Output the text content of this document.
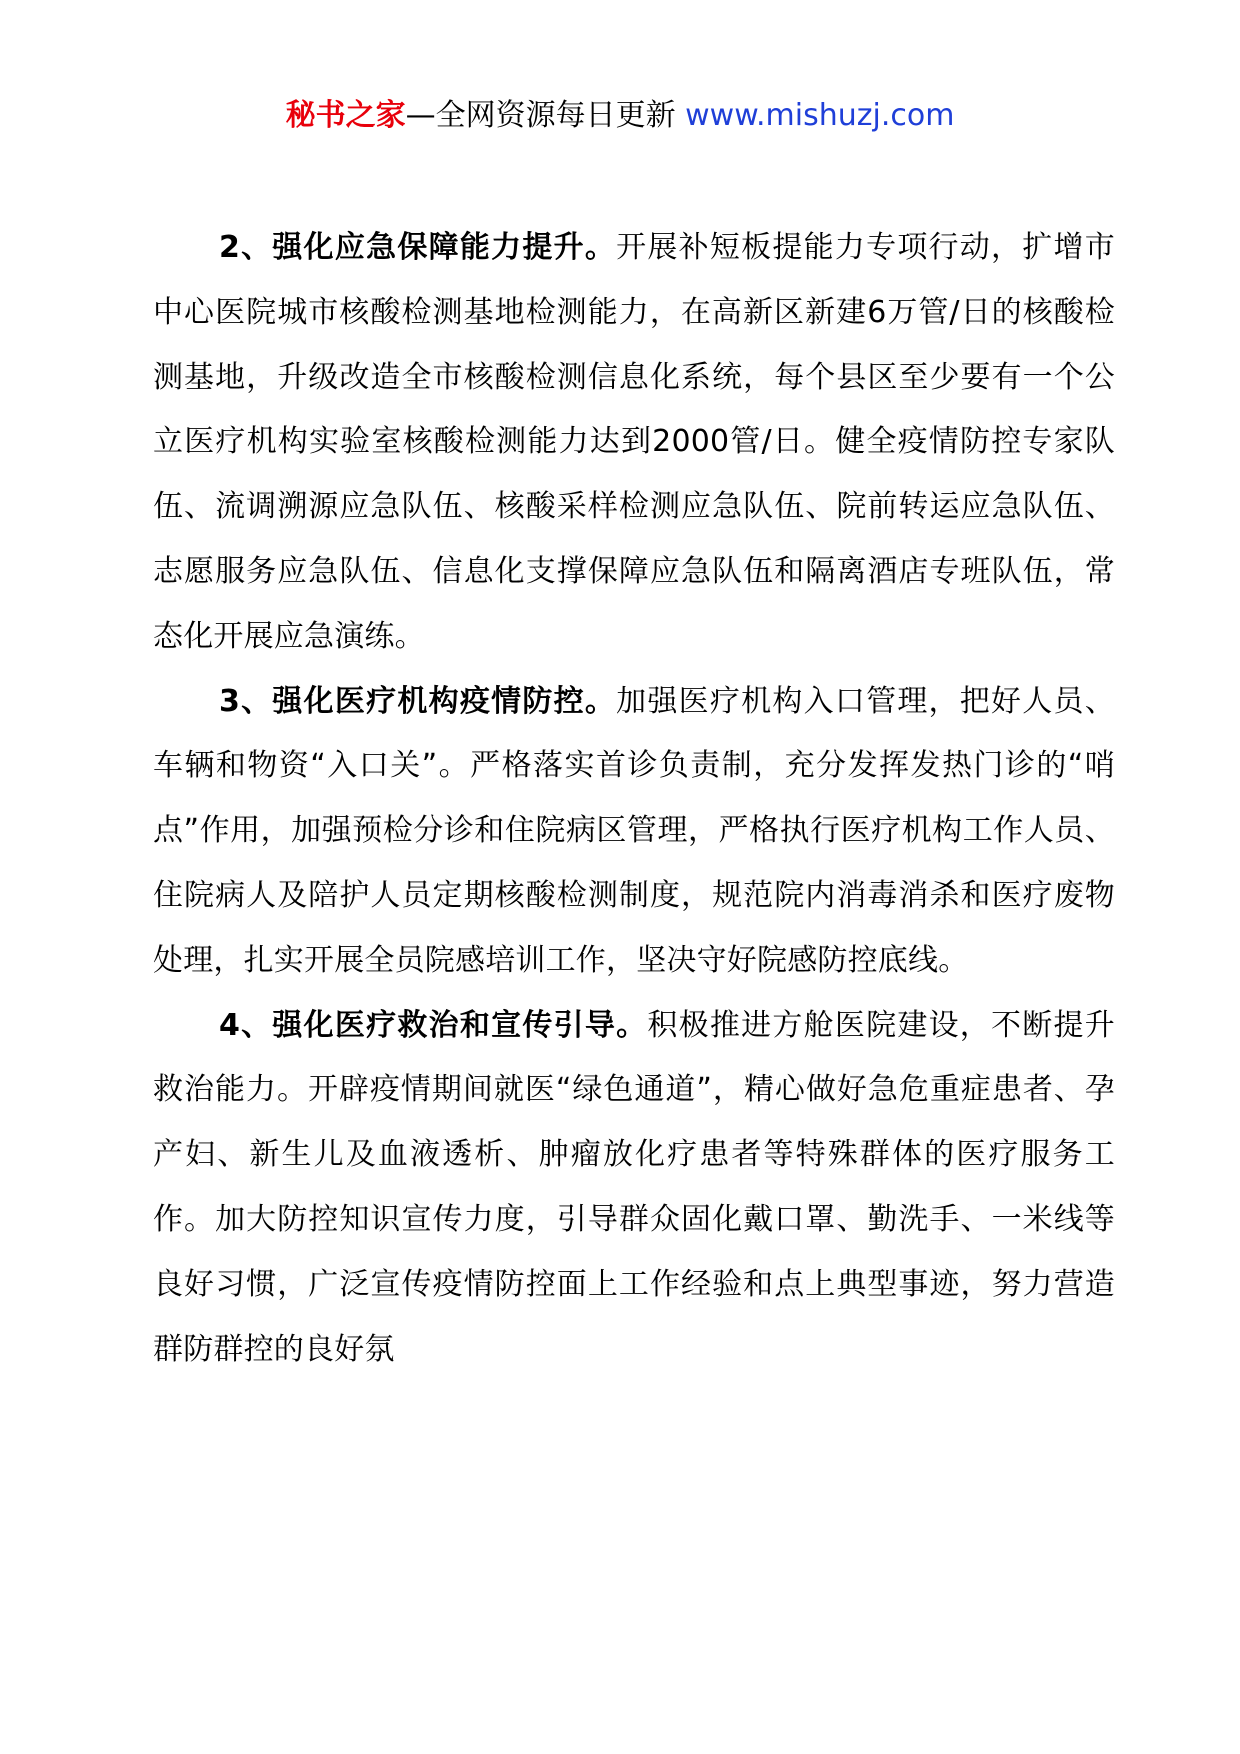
秘书之家—全网资源每日更新 www.mishuzj.com

2、强化应急保障能力提升。开展补短板提能力专项行动，扩增市中心医院城市核酸检测基地检测能力，在高新区新建6万管/日的核酸检测基地，升级改造全市核酸检测信息化系统，每个县区至少要有一个公立医疗机构实验室核酸检测能力达到2000管/日。健全疫情防控专家队伍、流调溯源应急队伍、核酸采样检测应急队伍、院前转运应急队伍、志愿服务应急队伍、信息化支撑保障应急队伍和隔离酒店专班队伍，常态化开展应急演练。

3、强化医疗机构疫情防控。加强医疗机构入口管理，把好人员、车辆和物资“入口关”。严格落实首诊负责制，充分发挥发热门诊的“哨点”作用，加强预检分诊和住院病区管理，严格执行医疗机构工作人员、住院病人及陪护人员定期核酸检测制度，规范院内消毒消杀和医疗废物处理，扎实开展全员院感培训工作，坚决守好院感防控底线。

4、强化医疗救治和宣传引导。积极推进方舱医院建设，不断提升救治能力。开辟疫情期间就医“绿色通道”，精心做好急危重症患者、孕产妇、新生儿及血液透析、肿瘤放化疗患者等特殊群体的医疗服务工作。加大防控知识宣传力度，引导群众固化戴口罩、勤洗手、一米线等良好习惯，广泛宣传疫情防控面上工作经验和点上典型事迹，努力营造群防群控的良好氛
